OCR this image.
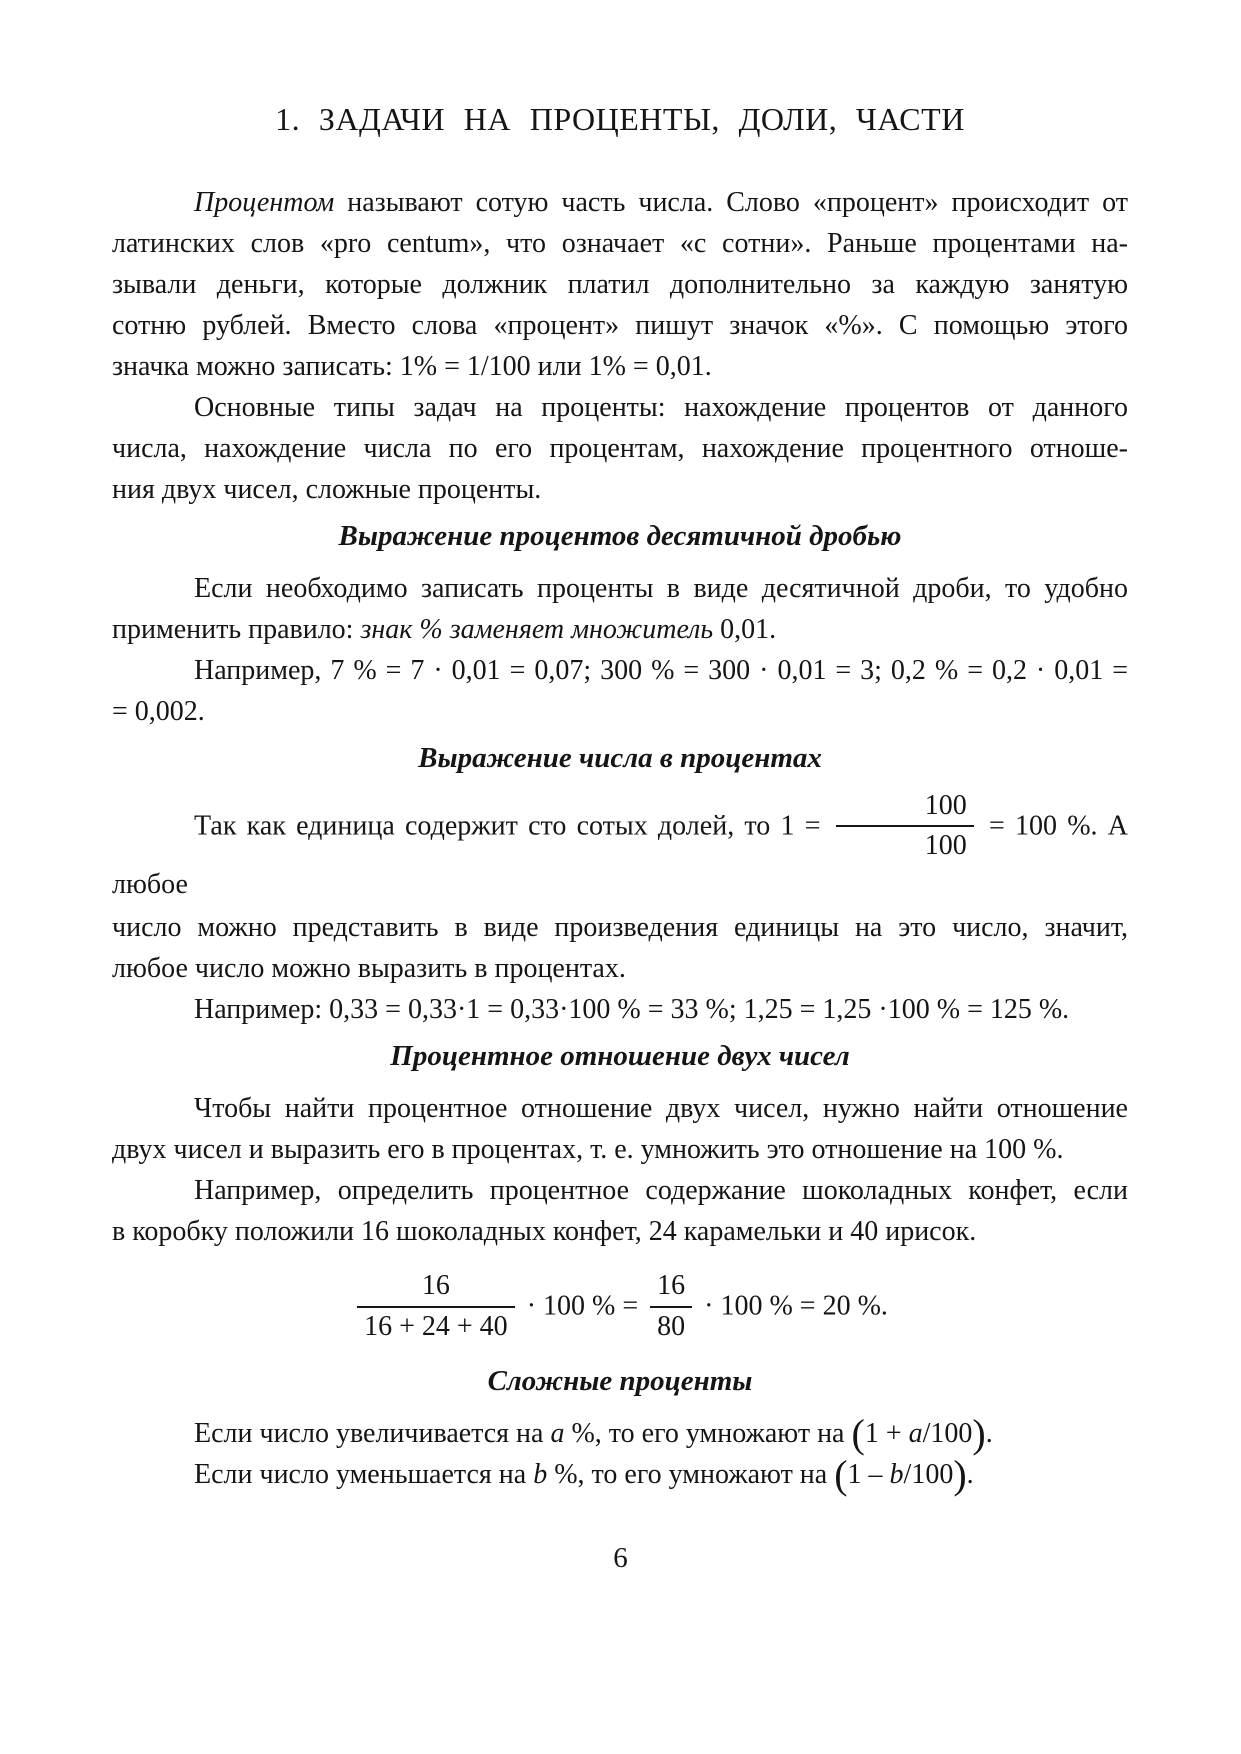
1. ЗАДАЧИ НА ПРОЦЕНТЫ, ДОЛИ, ЧАСТИ
Процентом называют сотую часть числа. Слово «процент» происходит от
латинских слов «pro centum», что означает «с сотни». Раньше процентами на-
зывали деньги, которые должник платил дополнительно за каждую занятую
сотню рублей. Вместо слова «процент» пишут значок «%». С помощью этого
значка можно записать: 1% = 1/100 или 1% = 0,01.
Основные типы задач на проценты: нахождение процентов от данного
числа, нахождение числа по его процентам, нахождение процентного отноше-
ния двух чисел, сложные проценты.
Выражение процентов десятичной дробью
Если необходимо записать проценты в виде десятичной дроби, то удобно
применить правило: знак % заменяет множитель 0,01.
Например, 7 % = 7 · 0,01 = 0,07; 300 % = 300 · 0,01 = 3; 0,2 % = 0,2 · 0,01 =
= 0,002.
Выражение числа в процентах
Так как единица содержит сто сотых долей, то $1 = \frac{100}{100} = 100$ %. А любое
число можно представить в виде произведения единицы на это число, значит,
любое число можно выразить в процентах.
Например: 0,33 = 0,33·1 = 0,33·100 % = 33 %; 1,25 = 1,25 ·100 % = 125 %.
Процентное отношение двух чисел
Чтобы найти процентное отношение двух чисел, нужно найти отношение
двух чисел и выразить его в процентах, т. е. умножить это отношение на 100 %.
Например, определить процентное содержание шоколадных конфет, если
в коробку положили 16 шоколадных конфет, 24 карамельки и 40 ирисок.
$\frac{16}{16 + 24 + 40} \cdot 100$ % = $\frac{16}{80} \cdot 100$ % = 20 %.
Сложные проценты
Если число увеличивается на a %, то его умножают на (1 + a/100).
Если число уменьшается на b %, то его умножают на (1 – b/100).
6
